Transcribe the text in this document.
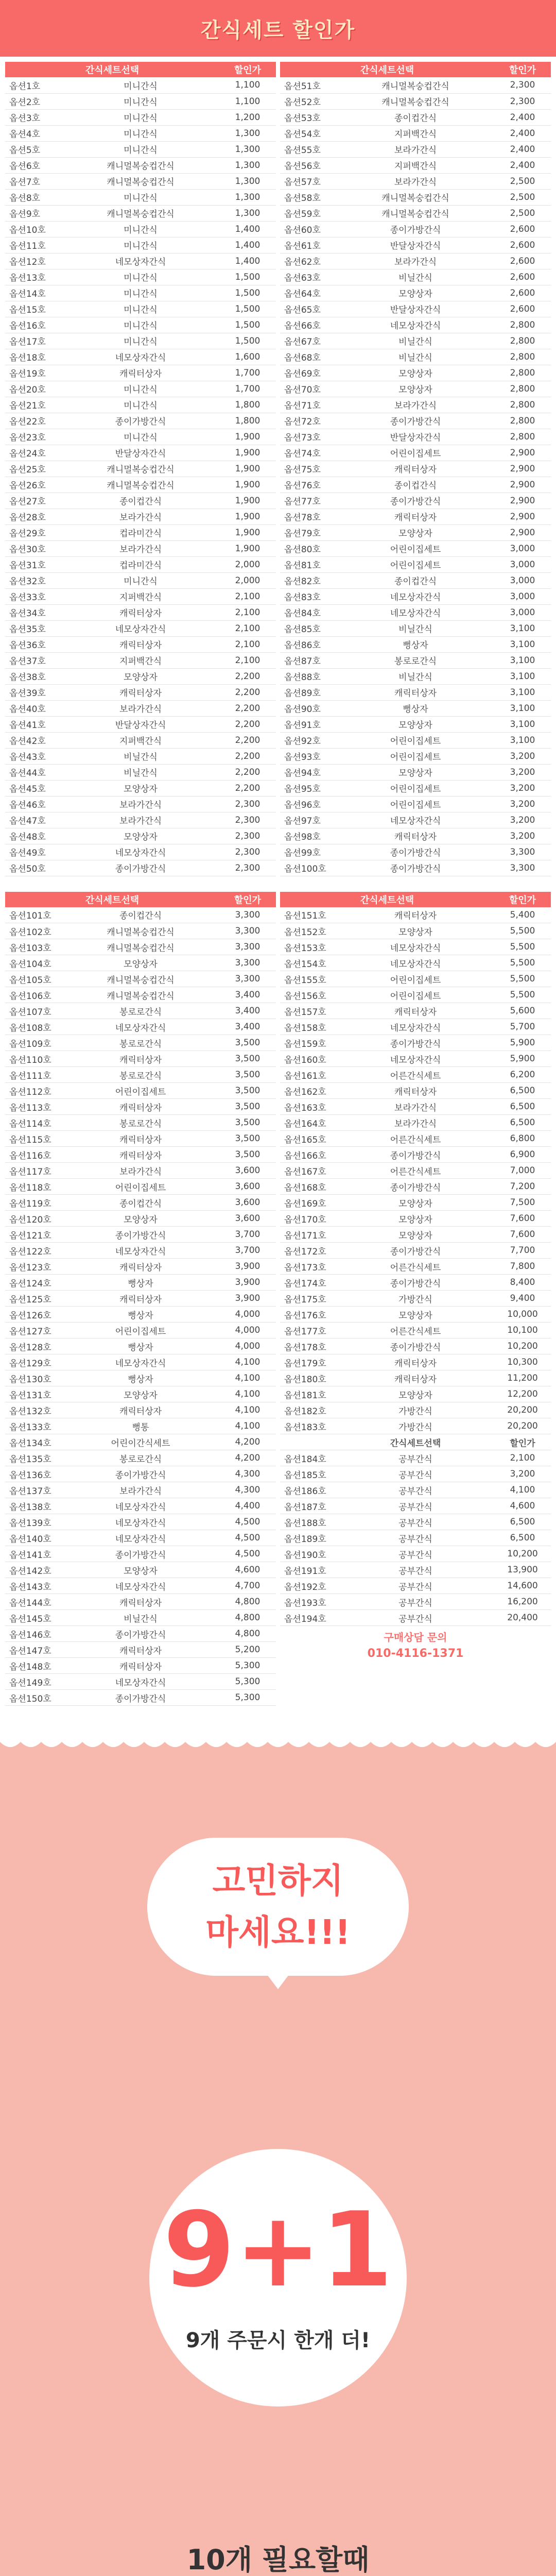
간식세트 할인가
간식세트선택		할인가
옵션1호	미니간식	1,100
옵션2호	미니간식	1,100
옵션3호	미니간식	1,200
옵션4호	미니간식	1,300
옵션5호	미니간식	1,300
옵션6호	캐니멀복숭컵간식	1,300
옵션7호	캐니멀복숭컵간식	1,300
옵션8호	미니간식	1,300
옵션9호	캐니멀복숭컵간식	1,300
옵션10호	미니간식	1,400
옵션11호	미니간식	1,400
옵션12호	네모상자간식	1,400
옵션13호	미니간식	1,500
옵션14호	미니간식	1,500
옵션15호	미니간식	1,500
옵션16호	미니간식	1,500
옵션17호	미니간식	1,500
옵션18호	네모상자간식	1,600
옵션19호	캐릭터상자	1,700
옵션20호	미니간식	1,700
옵션21호	미니간식	1,800
옵션22호	종이가방간식	1,800
옵션23호	미니간식	1,900
옵션24호	반달상자간식	1,900
옵션25호	캐니멀복숭컵간식	1,900
옵션26호	캐니멀복숭컵간식	1,900
옵션27호	종이컵간식	1,900
옵션28호	보라가간식	1,900
옵션29호	컵라미간식	1,900
옵션30호	보라가간식	1,900
옵션31호	컵라미간식	2,000
옵션32호	미니간식	2,000
옵션33호	지퍼백간식	2,100
옵션34호	캐릭터상자	2,100
옵션35호	네모상자간식	2,100
옵션36호	캐릭터상자	2,100
옵션37호	지퍼백간식	2,100
옵션38호	모양상자	2,200
옵션39호	캐릭터상자	2,200
옵션40호	보라가간식	2,200
옵션41호	반달상자간식	2,200
옵션42호	지퍼백간식	2,200
옵션43호	비닐간식	2,200
옵션44호	비닐간식	2,200
옵션45호	모양상자	2,200
옵션46호	보라가간식	2,300
옵션47호	보라가간식	2,300
옵션48호	모양상자	2,300
옵션49호	네모상자간식	2,300
옵션50호	종이가방간식	2,300
간식세트선택		할인가
옵션51호	캐니멀복숭컵간식	2,300
옵션52호	캐니멀복숭컵간식	2,300
옵션53호	종이컵간식	2,400
옵션54호	지퍼백간식	2,400
옵션55호	보라가간식	2,400
옵션56호	지퍼백간식	2,400
옵션57호	보라가간식	2,500
옵션58호	캐니멀복숭컵간식	2,500
옵션59호	캐니멀복숭컵간식	2,500
옵션60호	종이가방간식	2,600
옵션61호	반달상자간식	2,600
옵션62호	보라가간식	2,600
옵션63호	비닐간식	2,600
옵션64호	모양상자	2,600
옵션65호	반달상자간식	2,600
옵션66호	네모상자간식	2,800
옵션67호	비닐간식	2,800
옵션68호	비닐간식	2,800
옵션69호	모양상자	2,800
옵션70호	모양상자	2,800
옵션71호	보라가간식	2,800
옵션72호	종이가방간식	2,800
옵션73호	반달상자간식	2,800
옵션74호	어린이집세트	2,900
옵션75호	캐릭터상자	2,900
옵션76호	종이컵간식	2,900
옵션77호	종이가방간식	2,900
옵션78호	캐릭터상자	2,900
옵션79호	모양상자	2,900
옵션80호	어린이집세트	3,000
옵션81호	어린이집세트	3,000
옵션82호	종이컵간식	3,000
옵션83호	네모상자간식	3,000
옵션84호	네모상자간식	3,000
옵션85호	비닐간식	3,100
옵션86호	뻥상자	3,100
옵션87호	봉로로간식	3,100
옵션88호	비닐간식	3,100
옵션89호	캐릭터상자	3,100
옵션90호	뻥상자	3,100
옵션91호	모양상자	3,100
옵션92호	어린이집세트	3,100
옵션93호	어린이집세트	3,200
옵션94호	모양상자	3,200
옵션95호	어린이집세트	3,200
옵션96호	어린이집세트	3,200
옵션97호	네모상자간식	3,200
옵션98호	캐릭터상자	3,200
옵션99호	종이가방간식	3,300
옵션100호	종이가방간식	3,300
간식세트선택		할인가
옵션101호	종이컵간식	3,300
옵션102호	캐니멀복숭컵간식	3,300
옵션103호	캐니멀복숭컵간식	3,300
옵션104호	모양상자	3,300
옵션105호	캐니멀복숭컵간식	3,300
옵션106호	캐니멀복숭컵간식	3,400
옵션107호	봉로로간식	3,400
옵션108호	네모상자간식	3,400
옵션109호	봉로로간식	3,500
옵션110호	캐릭터상자	3,500
옵션111호	봉로로간식	3,500
옵션112호	어린이집세트	3,500
옵션113호	캐릭터상자	3,500
옵션114호	봉로로간식	3,500
옵션115호	캐릭터상자	3,500
옵션116호	캐릭터상자	3,500
옵션117호	보라가간식	3,600
옵션118호	어린이집세트	3,600
옵션119호	종이컵간식	3,600
옵션120호	모양상자	3,600
옵션121호	종이가방간식	3,700
옵션122호	네모상자간식	3,700
옵션123호	캐릭터상자	3,900
옵션124호	뻥상자	3,900
옵션125호	캐릭터상자	3,900
옵션126호	뻥상자	4,000
옵션127호	어린이집세트	4,000
옵션128호	뻥상자	4,000
옵션129호	네모상자간식	4,100
옵션130호	뻥상자	4,100
옵션131호	모양상자	4,100
옵션132호	캐릭터상자	4,100
옵션133호	뻥통	4,100
옵션134호	어린이간식세트	4,200
옵션135호	봉로로간식	4,200
옵션136호	종이가방간식	4,300
옵션137호	보라가간식	4,300
옵션138호	네모상자간식	4,400
옵션139호	네모상자간식	4,500
옵션140호	네모상자간식	4,500
옵션141호	종이가방간식	4,500
옵션142호	모양상자	4,600
옵션143호	네모상자간식	4,700
옵션144호	캐릭터상자	4,800
옵션145호	비닐간식	4,800
옵션146호	종이가방간식	4,800
옵션147호	캐릭터상자	5,200
옵션148호	캐릭터상자	5,300
옵션149호	네모상자간식	5,300
옵션150호	종이가방간식	5,300
간식세트선택		할인가
옵션151호	캐릭터상자	5,400
옵션152호	모양상자	5,500
옵션153호	네모상자간식	5,500
옵션154호	네모상자간식	5,500
옵션155호	어린이집세트	5,500
옵션156호	어린이집세트	5,500
옵션157호	캐릭터상자	5,600
옵션158호	네모상자간식	5,700
옵션159호	종이가방간식	5,900
옵션160호	네모상자간식	5,900
옵션161호	어른간식세트	6,200
옵션162호	캐릭터상자	6,500
옵션163호	보라가간식	6,500
옵션164호	보라가간식	6,500
옵션165호	어른간식세트	6,800
옵션166호	종이가방간식	6,900
옵션167호	어른간식세트	7,000
옵션168호	종이가방간식	7,200
옵션169호	모양상자	7,500
옵션170호	모양상자	7,600
옵션171호	모양상자	7,600
옵션172호	종이가방간식	7,700
옵션173호	어른간식세트	7,800
옵션174호	종이가방간식	8,400
옵션175호	가방간식	9,400
옵션176호	모양상자	10,000
옵션177호	어른간식세트	10,100
옵션178호	종이가방간식	10,200
옵션179호	캐릭터상자	10,300
옵션180호	캐릭터상자	11,200
옵션181호	모양상자	12,200
옵션182호	가방간식	20,200
옵션183호	가방간식	20,200
	간식세트선택	할인가
옵션184호	공부간식	2,100
옵션185호	공부간식	3,200
옵션186호	공부간식	4,100
옵션187호	공부간식	4,600
옵션188호	공부간식	6,500
옵션189호	공부간식	6,500
옵션190호	공부간식	10,200
옵션191호	공부간식	13,900
옵션192호	공부간식	14,600
옵션193호	공부간식	16,200
옵션194호	공부간식	20,400
구매상담 문의
010-4116-1371
고민하지
마세요!!!
9+1
9개 주문시 한개 더!
10개 필요할때
